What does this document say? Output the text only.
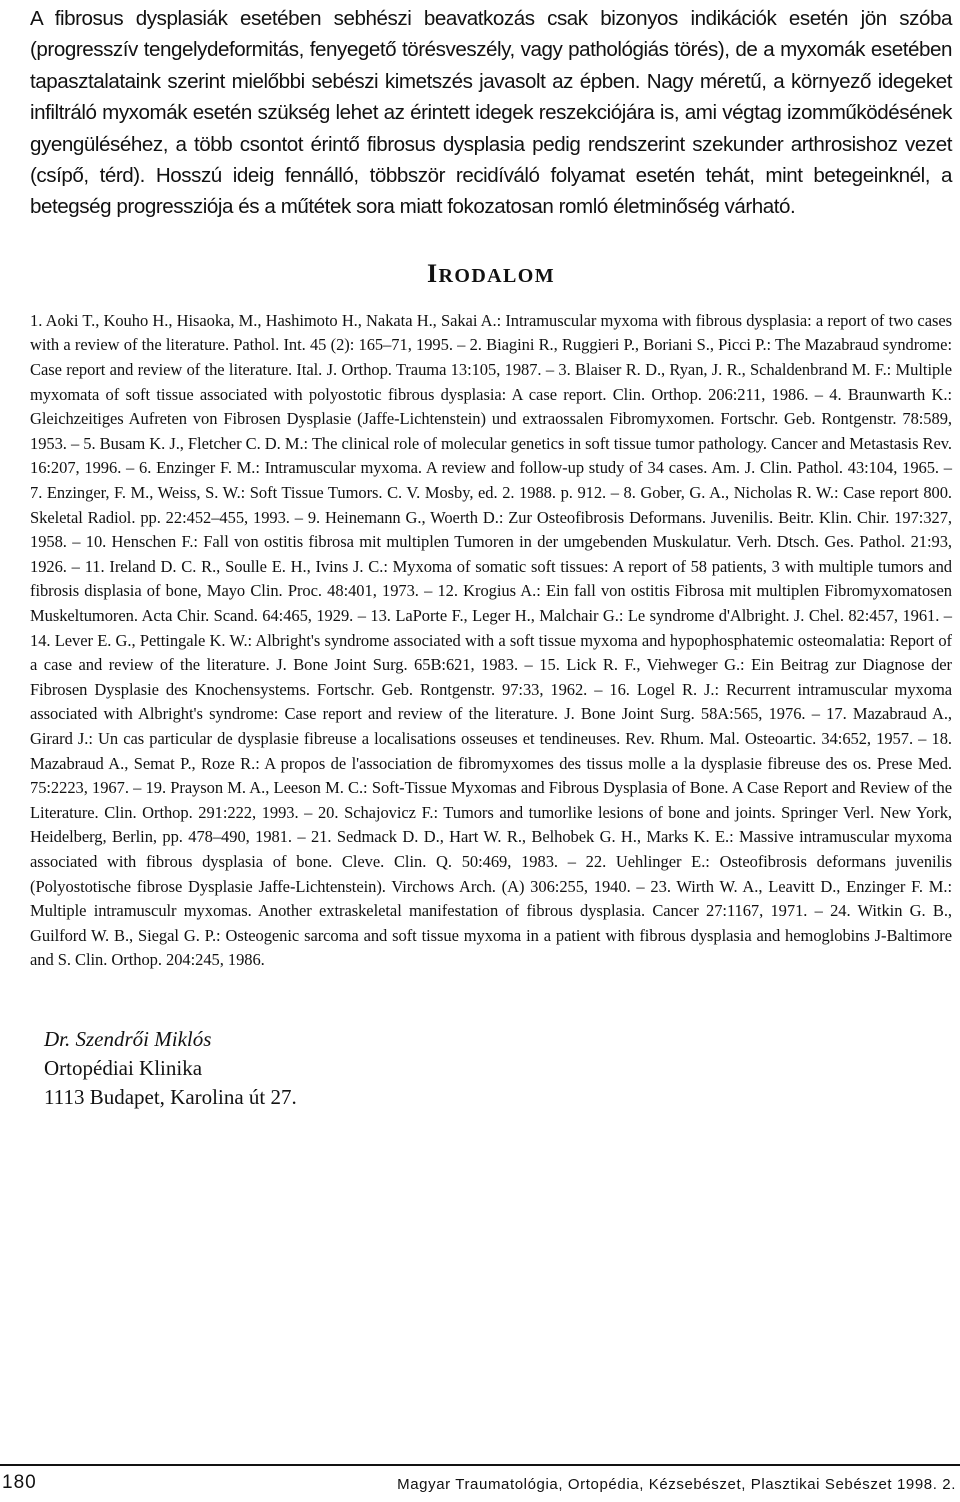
A fibrosus dysplasiák esetében sebhészi beavatkozás csak bizonyos indikációk esetén jön szóba (progresszív tengelydeformitás, fenyegető törésveszély, vagy pathológiás törés), de a myxomák esetében tapasztalataink szerint mielőbbi sebészi kimetszés javasolt az épben. Nagy méretű, a környező idegeket infiltráló myxomák esetén szükség lehet az érintett idegek reszekciójára is, ami végtag izomműködésének gyengüléséhez, a több csontot érintő fibrosus dysplasia pedig rendszerint szekunder arthrosishoz vezet (csípő, térd). Hosszú ideig fennálló, többször recidíváló folyamat esetén tehát, mint betegeinknél, a betegség progressziója és a műtétek sora miatt fokozatosan romló életminőség várható.

IRODALOM

1. Aoki T., Kouho H., Hisaoka, M., Hashimoto H., Nakata H., Sakai A.: Intramuscular myxoma with fibrous dysplasia: a report of two cases with a review of the literature. Pathol. Int. 45 (2): 165–71, 1995. – 2. Biagini R., Ruggieri P., Boriani S., Picci P.: The Mazabraud syndrome: Case report and review of the literature. Ital. J. Orthop. Trauma 13:105, 1987. – 3. Blaiser R. D., Ryan, J. R., Schaldenbrand M. F.: Multiple myxomata of soft tissue associated with polyostotic fibrous dysplasia: A case report. Clin. Orthop. 206:211, 1986. – 4. Braunwarth K.: Gleichzeitiges Aufreten von Fibrosen Dysplasie (Jaffe-Lichtenstein) und extraossalen Fibromyxomen. Fortschr. Geb. Rontgenstr. 78:589, 1953. – 5. Busam K. J., Fletcher C. D. M.: The clinical role of molecular genetics in soft tissue tumor pathology. Cancer and Metastasis Rev. 16:207, 1996. – 6. Enzinger F. M.: Intramuscular myxoma. A review and follow-up study of 34 cases. Am. J. Clin. Pathol. 43:104, 1965. – 7. Enzinger, F. M., Weiss, S. W.: Soft Tissue Tumors. C. V. Mosby, ed. 2. 1988. p. 912. – 8. Gober, G. A., Nicholas R. W.: Case report 800. Skeletal Radiol. pp. 22:452–455, 1993. – 9. Heinemann G., Woerth D.: Zur Osteofibrosis Deformans. Juvenilis. Beitr. Klin. Chir. 197:327, 1958. – 10. Henschen F.: Fall von ostitis fibrosa mit multiplen Tumoren in der umgebenden Muskulatur. Verh. Dtsch. Ges. Pathol. 21:93, 1926. – 11. Ireland D. C. R., Soulle E. H., Ivins J. C.: Myxoma of somatic soft tissues: A report of 58 patients, 3 with multiple tumors and fibrosis displasia of bone, Mayo Clin. Proc. 48:401, 1973. – 12. Krogius A.: Ein fall von ostitis Fibrosa mit multiplen Fibromyxomatosen Muskeltumoren. Acta Chir. Scand. 64:465, 1929. – 13. LaPorte F., Leger H., Malchair G.: Le syndrome d'Albright. J. Chel. 82:457, 1961. – 14. Lever E. G., Pettingale K. W.: Albright's syndrome associated with a soft tissue myxoma and hypophosphatemic osteomalatia: Report of a case and review of the literature. J. Bone Joint Surg. 65B:621, 1983. – 15. Lick R. F., Viehweger G.: Ein Beitrag zur Diagnose der Fibrosen Dysplasie des Knochensystems. Fortschr. Geb. Rontgenstr. 97:33, 1962. – 16. Logel R. J.: Recurrent intramuscular myxoma associated with Albright's syndrome: Case report and review of the literature. J. Bone Joint Surg. 58A:565, 1976. – 17. Mazabraud A., Girard J.: Un cas particular de dysplasie fibreuse a localisations osseuses et tendineuses. Rev. Rhum. Mal. Osteoartic. 34:652, 1957. – 18. Mazabraud A., Semat P., Roze R.: A propos de l'association de fibromyxomes des tissus molle a la dysplasie fibreuse des os. Prese Med. 75:2223, 1967. – 19. Prayson M. A., Leeson M. C.: Soft-Tissue Myxomas and Fibrous Dysplasia of Bone. A Case Report and Review of the Literature. Clin. Orthop. 291:222, 1993. – 20. Schajovicz F.: Tumors and tumorlike lesions of bone and joints. Springer Verl. New York, Heidelberg, Berlin, pp. 478–490, 1981. – 21. Sedmack D. D., Hart W. R., Belhobek G. H., Marks K. E.: Massive intramuscular myxoma associated with fibrous dysplasia of bone. Cleve. Clin. Q. 50:469, 1983. – 22. Uehlinger E.: Osteofibrosis deformans juvenilis (Polyostotische fibrose Dysplasie Jaffe-Lichtenstein). Virchows Arch. (A) 306:255, 1940. – 23. Wirth W. A., Leavitt D., Enzinger F. M.: Multiple intramusculr myxomas. Another extraskeletal manifestation of fibrous dysplasia. Cancer 27:1167, 1971. – 24. Witkin G. B., Guilford W. B., Siegal G. P.: Osteogenic sarcoma and soft tissue myxoma in a patient with fibrous dysplasia and hemoglobins J-Baltimore and S. Clin. Orthop. 204:245, 1986.

Dr. Szendrői Miklós
Ortopédiai Klinika
1113 Budapet, Karolina út 27.
180	Magyar Traumatológia, Ortopédia, Kézsebészet, Plasztikai Sebészet 1998. 2.
